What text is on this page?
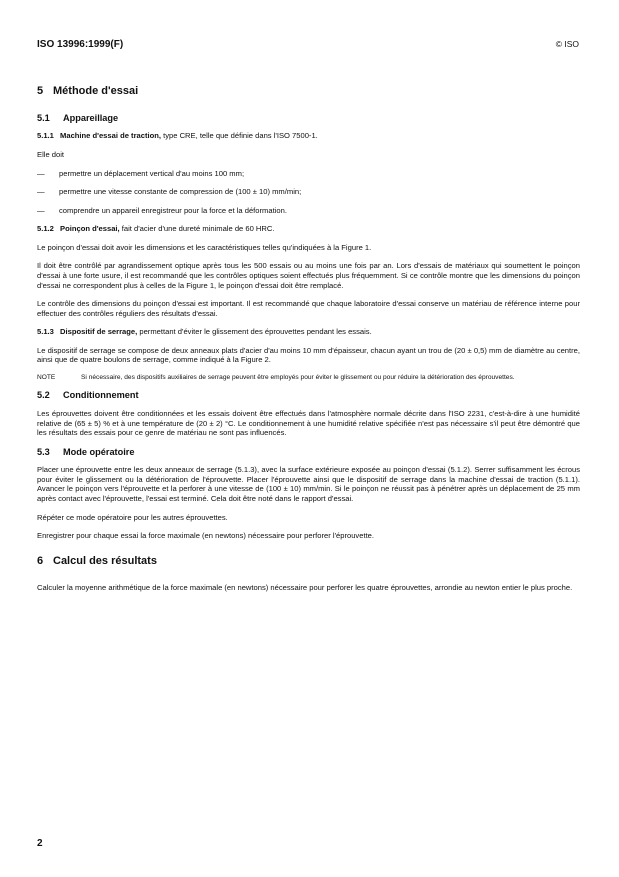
ISO 13996:1999(F)	© ISO
5 Méthode d'essai
5.1 Appareillage
5.1.1 Machine d'essai de traction, type CRE, telle que définie dans l'ISO 7500-1.

Elle doit

—	permettre un déplacement vertical d'au moins 100 mm;
—	permettre une vitesse constante de compression de (100 ± 10) mm/min;
—	comprendre un appareil enregistreur pour la force et la déformation.
5.1.2 Poinçon d'essai, fait d'acier d'une dureté minimale de 60 HRC.

Le poinçon d'essai doit avoir les dimensions et les caractéristiques telles qu'indiquées à la Figure 1.

Il doit être contrôlé par agrandissement optique après tous les 500 essais ou au moins une fois par an. Lors d'essais de matériaux qui soumettent le poinçon d'essai à une forte usure, il est recommandé que les contrôles optiques soient effectués plus fréquemment. Si ce contrôle montre que les dimensions du poinçon d'essai ne correspondent plus à celles de la Figure 1, le poinçon d'essai doit être remplacé.

Le contrôle des dimensions du poinçon d'essai est important. Il est recommandé que chaque laboratoire d'essai conserve un matériau de référence interne pour effectuer des contrôles réguliers des résultats d'essai.

5.1.3 Dispositif de serrage, permettant d'éviter le glissement des éprouvettes pendant les essais.

Le dispositif de serrage se compose de deux anneaux plats d'acier d'au moins 10 mm d'épaisseur, chacun ayant un trou de (20 ± 0,5) mm de diamètre au centre, ainsi que de quatre boulons de serrage, comme indiqué à la Figure 2.

NOTE	Si nécessaire, des dispositifs auxiliaires de serrage peuvent être employés pour éviter le glissement ou pour réduire la détérioration des éprouvettes.
5.2 Conditionnement

Les éprouvettes doivent être conditionnées et les essais doivent être effectués dans l'atmosphère normale décrite dans l'ISO 2231, c'est-à-dire à une humidité relative de (65 ± 5) % et à une température de (20 ± 2) °C. Le conditionnement à une humidité relative spécifiée n'est pas nécessaire s'il peut être démontré que les résultats des essais pour ce genre de matériau ne sont pas influencés.

5.3 Mode opératoire

Placer une éprouvette entre les deux anneaux de serrage (5.1.3), avec la surface extérieure exposée au poinçon d'essai (5.1.2). Serrer suffisamment les écrous pour éviter le glissement ou la détérioration de l'éprouvette. Placer l'éprouvette ainsi que le dispositif de serrage dans la machine d'essai de traction (5.1.1). Avancer le poinçon vers l'éprouvette et la perforer à une vitesse de (100 ± 10) mm/min. Si le poinçon ne réussit pas à pénétrer après un déplacement de 25 mm après contact avec l'éprouvette, l'essai est terminé. Cela doit être noté dans le rapport d'essai.

Répéter ce mode opératoire pour les autres éprouvettes.

Enregistrer pour chaque essai la force maximale (en newtons) nécessaire pour perforer l'éprouvette.

6 Calcul des résultats

Calculer la moyenne arithmétique de la force maximale (en newtons) nécessaire pour perforer les quatre éprouvettes, arrondie au newton entier le plus proche.

2
